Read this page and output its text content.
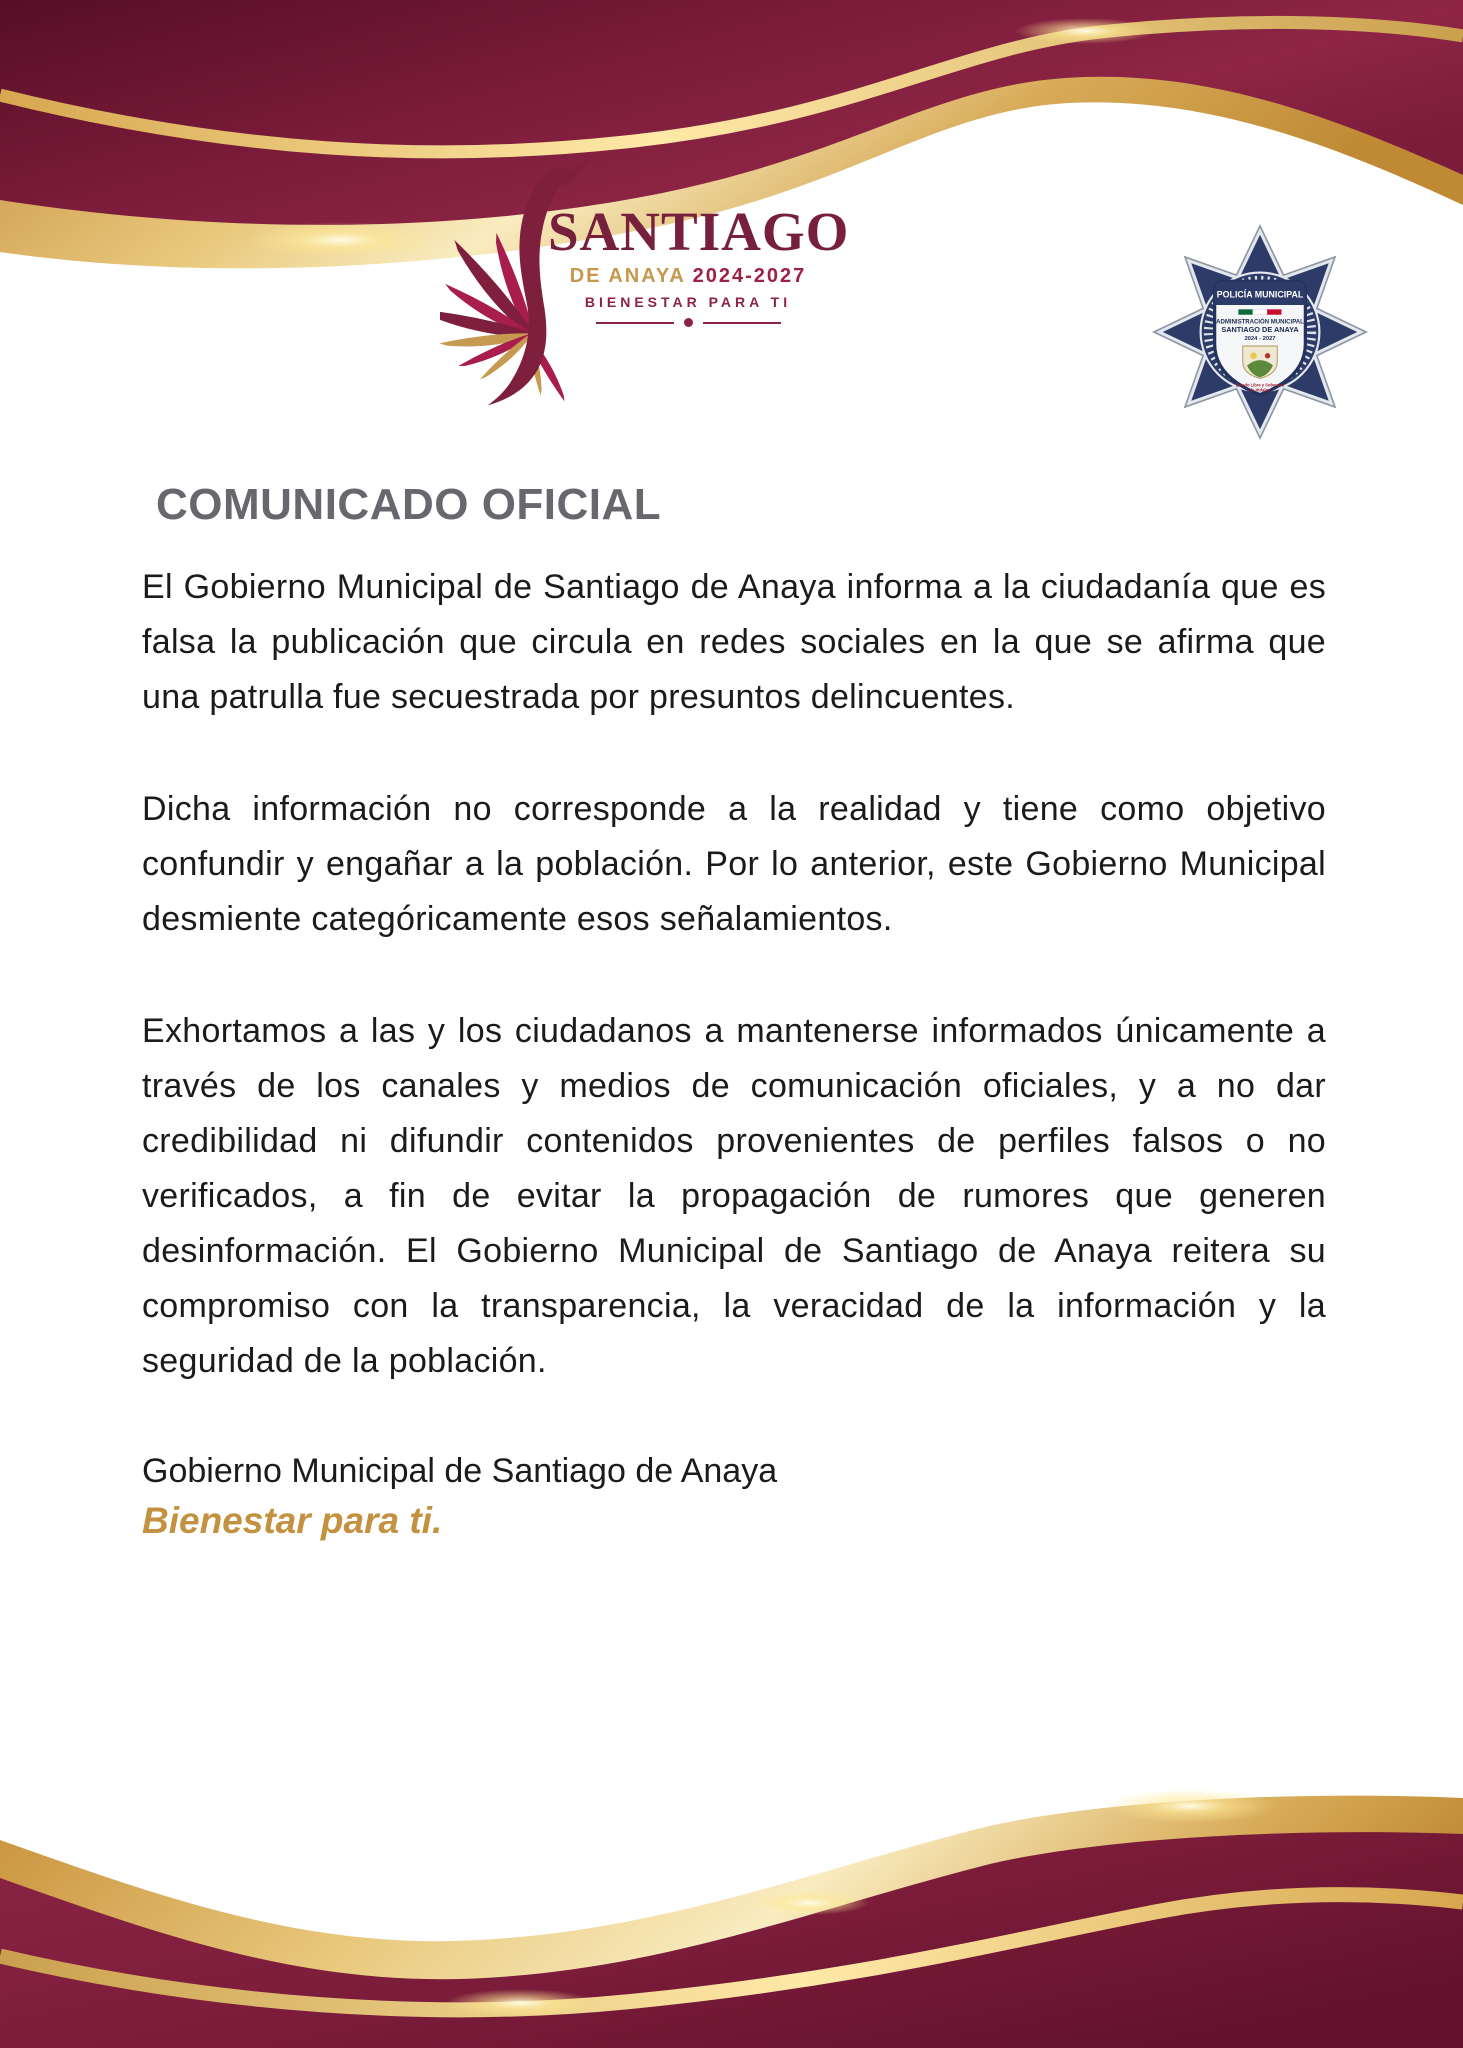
SANTIAGO
DE ANAYA 2024-2027
BIENESTAR PARA TI	POLICÍA MUNICIPAL
ADMINISTRACIÓN MUNICIPAL
SANTIAGO DE ANAYA
2024 - 2027
Estado Libre y Soberano
de Hidalgo
COMUNICADO OFICIAL

El Gobierno Municipal de Santiago de Anaya informa a la ciudadanía que es falsa la publicación que circula en redes sociales en la que se afirma que una patrulla fue secuestrada por presuntos delincuentes.

Dicha información no corresponde a la realidad y tiene como objetivo confundir y engañar a la población. Por lo anterior, este Gobierno Municipal desmiente categóricamente esos señalamientos.

Exhortamos a las y los ciudadanos a mantenerse informados únicamente a través de los canales y medios de comunicación oficiales, y a no dar credibilidad ni difundir contenidos provenientes de perfiles falsos o no verificados, a fin de evitar la propagación de rumores que generen desinformación. El Gobierno Municipal de Santiago de Anaya reitera su compromiso con la transparencia, la veracidad de la información y la seguridad de la población.

Gobierno Municipal de Santiago de Anaya
Bienestar para ti.
